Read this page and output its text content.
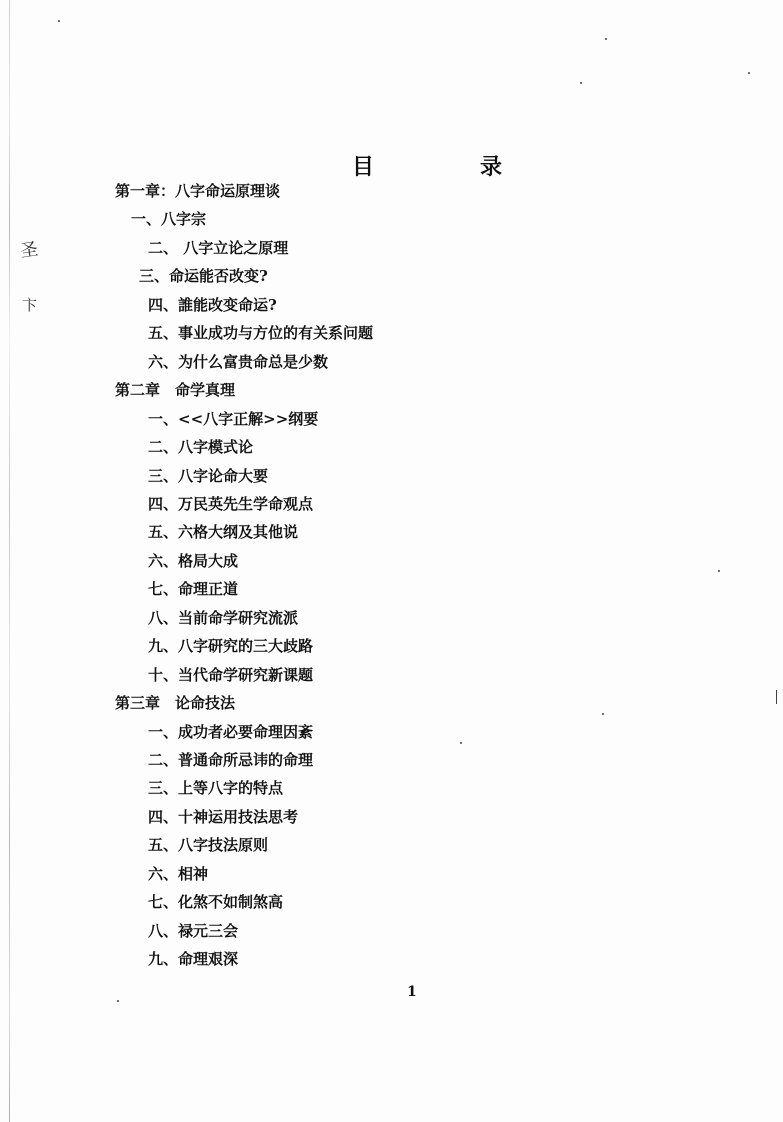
圣
卞
目　录
第一章：八字命运原理谈
一、八字宗
二、 八字立论之原理
三、命运能否改变?
四、誰能改变命运?
五、事业成功与方位的有关系问题
六、为什么富贵命总是少数
第二章　命学真理
一、<<八字正解>>纲要
二、八字模式论
三、八字论命大要
四、万民英先生学命观点
五、六格大纲及其他说
六、格局大成
七、命理正道
八、当前命学研究流派
九、八字研究的三大歧路
十、当代命学研究新课题
第三章　论命技法
一、成功者必要命理因紊
二、普通命所忌讳的命理
三、上等八字的特点
四、十神运用技法思考
五、八字技法原则
六、相神
七、化煞不如制煞高
八、禄元三会
九、命理艰深
1
